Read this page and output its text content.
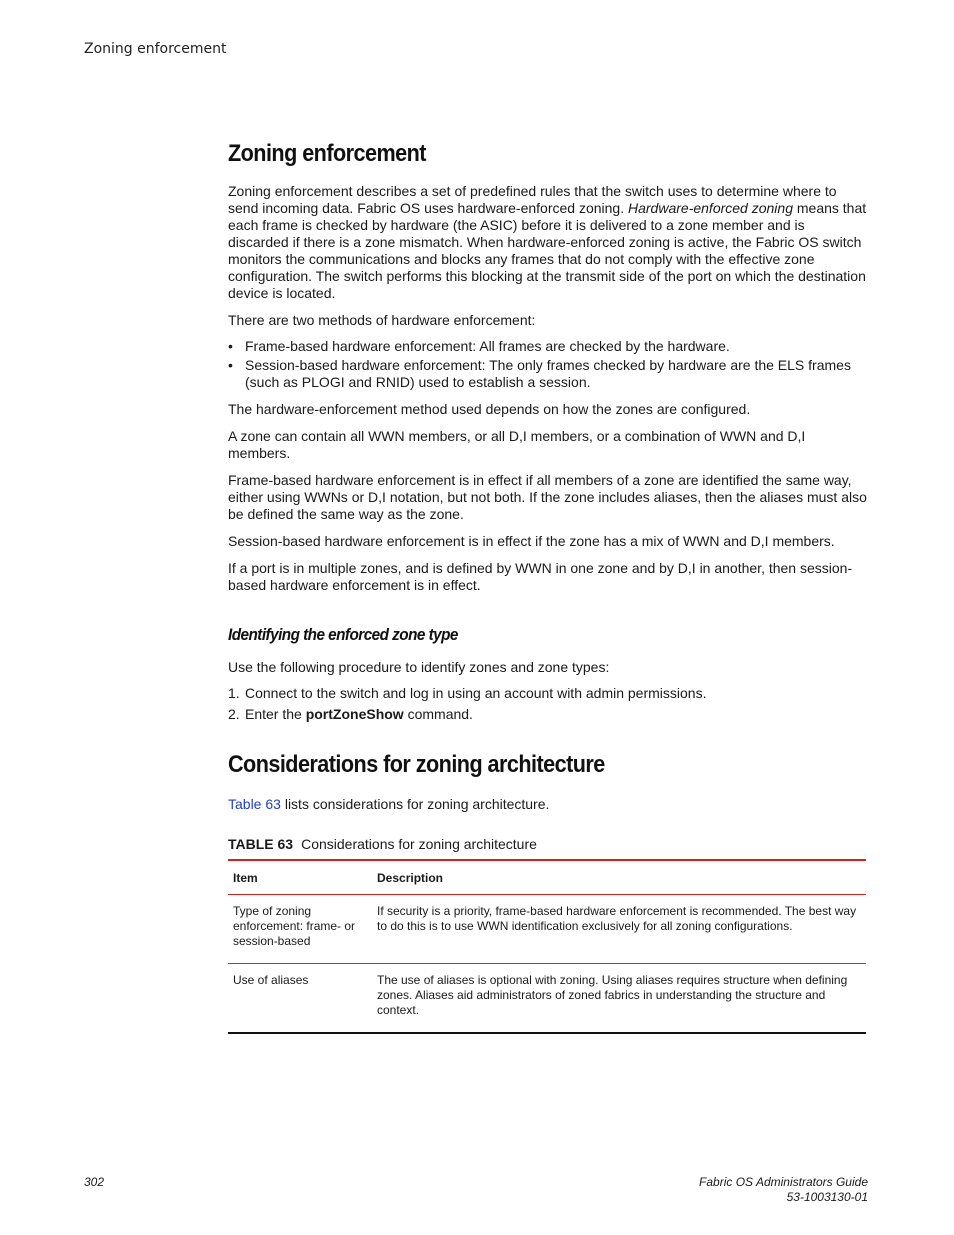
Zoning enforcement
Zoning enforcement

Zoning enforcement describes a set of predefined rules that the switch uses to determine where to send incoming data. Fabric OS uses hardware-enforced zoning. Hardware-enforced zoning means that each frame is checked by hardware (the ASIC) before it is delivered to a zone member and is discarded if there is a zone mismatch. When hardware-enforced zoning is active, the Fabric OS switch monitors the communications and blocks any frames that do not comply with the effective zone configuration. The switch performs this blocking at the transmit side of the port on which the destination device is located.

There are two methods of hardware enforcement:

• Frame-based hardware enforcement: All frames are checked by the hardware.
• Session-based hardware enforcement: The only frames checked by hardware are the ELS frames (such as PLOGI and RNID) used to establish a session.

The hardware-enforcement method used depends on how the zones are configured.

A zone can contain all WWN members, or all D,I members, or a combination of WWN and D,I members.

Frame-based hardware enforcement is in effect if all members of a zone are identified the same way, either using WWNs or D,I notation, but not both. If the zone includes aliases, then the aliases must also be defined the same way as the zone.

Session-based hardware enforcement is in effect if the zone has a mix of WWN and D,I members.

If a port is in multiple zones, and is defined by WWN in one zone and by D,I in another, then session-based hardware enforcement is in effect.

Identifying the enforced zone type

Use the following procedure to identify zones and zone types:

1. Connect to the switch and log in using an account with admin permissions.
2. Enter the portZoneShow command.
Considerations for zoning architecture

Table 63 lists considerations for zoning architecture.

TABLE 63 Considerations for zoning architecture
Item	Description
Type of zoning enforcement: frame- or session-based	If security is a priority, frame-based hardware enforcement is recommended. The best way to do this is to use WWN identification exclusively for all zoning configurations.
Use of aliases	The use of aliases is optional with zoning. Using aliases requires structure when defining zones. Aliases aid administrators of zoned fabrics in understanding the structure and context.
302	Fabric OS Administrators Guide
53-1003130-01
